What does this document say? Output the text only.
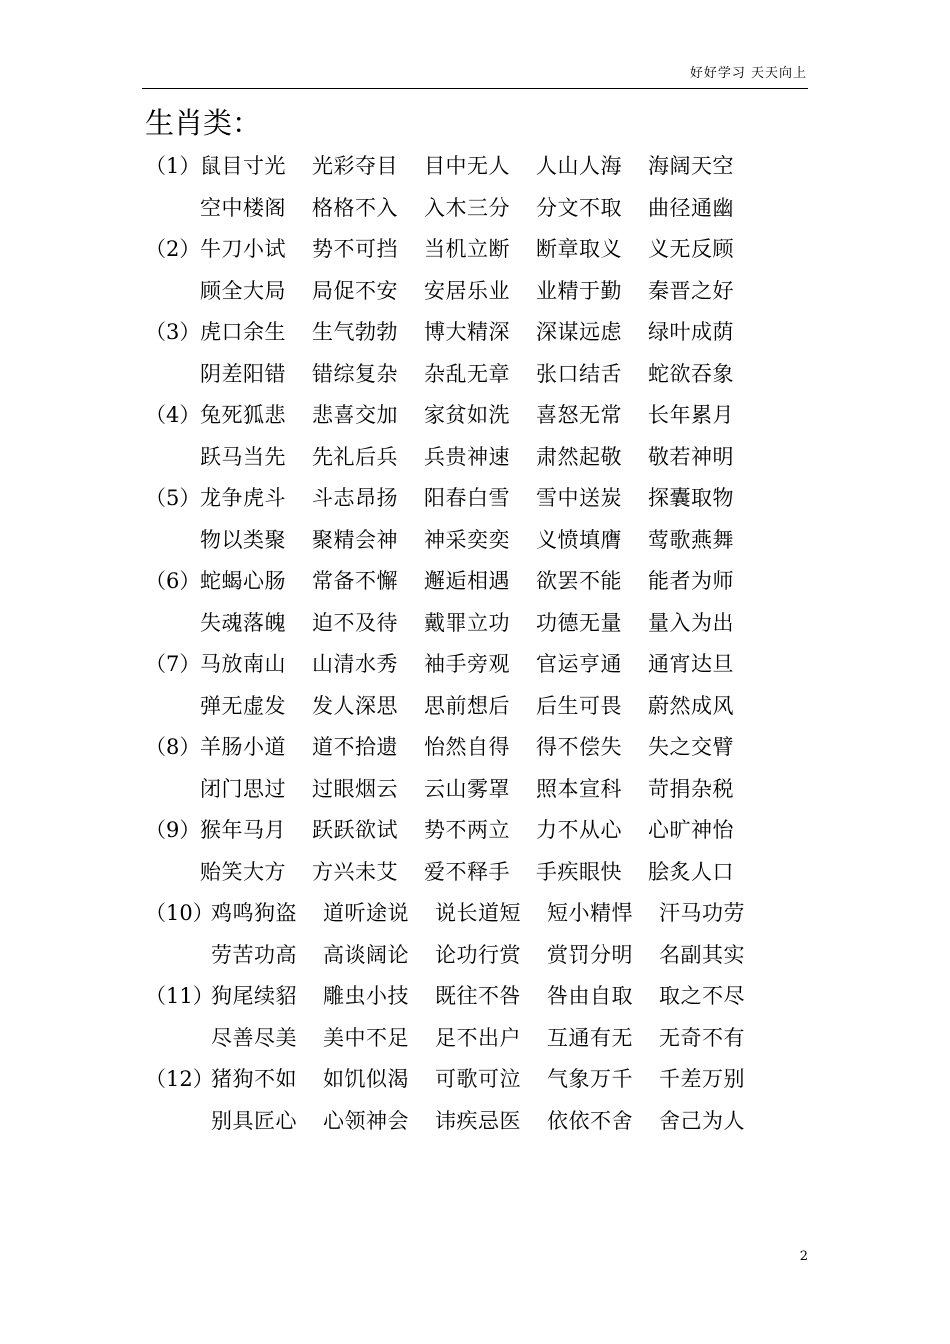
好好学习 天天向上
生肖类：
（1） 鼠目寸光 光彩夺目 目中无人 人山人海 海阔天空
空中楼阁 格格不入 入木三分 分文不取 曲径通幽
（2） 牛刀小试 势不可挡 当机立断 断章取义 义无反顾
顾全大局 局促不安 安居乐业 业精于勤 秦晋之好
（3） 虎口余生 生气勃勃 博大精深 深谋远虑 绿叶成荫
阴差阳错 错综复杂 杂乱无章 张口结舌 蛇欲吞象
（4） 兔死狐悲 悲喜交加 家贫如洗 喜怒无常 长年累月
跃马当先 先礼后兵 兵贵神速 肃然起敬 敬若神明
（5） 龙争虎斗 斗志昂扬 阳春白雪 雪中送炭 探囊取物
物以类聚 聚精会神 神采奕奕 义愤填膺 莺歌燕舞
（6） 蛇蝎心肠 常备不懈 邂逅相遇 欲罢不能 能者为师
失魂落魄 迫不及待 戴罪立功 功德无量 量入为出
（7） 马放南山 山清水秀 袖手旁观 官运亨通 通宵达旦
弹无虚发 发人深思 思前想后 后生可畏 蔚然成风
（8） 羊肠小道 道不拾遗 怡然自得 得不偿失 失之交臂
闭门思过 过眼烟云 云山雾罩 照本宣科 苛捐杂税
（9） 猴年马月 跃跃欲试 势不两立 力不从心 心旷神怡
贻笑大方 方兴未艾 爱不释手 手疾眼快 脍炙人口
（10）
鸡鸣狗盗 道听途说 说长道短 短小精悍 汗马功劳
劳苦功高 高谈阔论 论功行赏 赏罚分明 名副其实
（11）
狗尾续貂 雕虫小技 既往不咎 咎由自取 取之不尽
尽善尽美 美中不足 足不出户 互通有无 无奇不有
（12）
猪狗不如 如饥似渴 可歌可泣 气象万千 千差万别
别具匠心 心领神会 讳疾忌医 依依不舍 舍己为人
2
